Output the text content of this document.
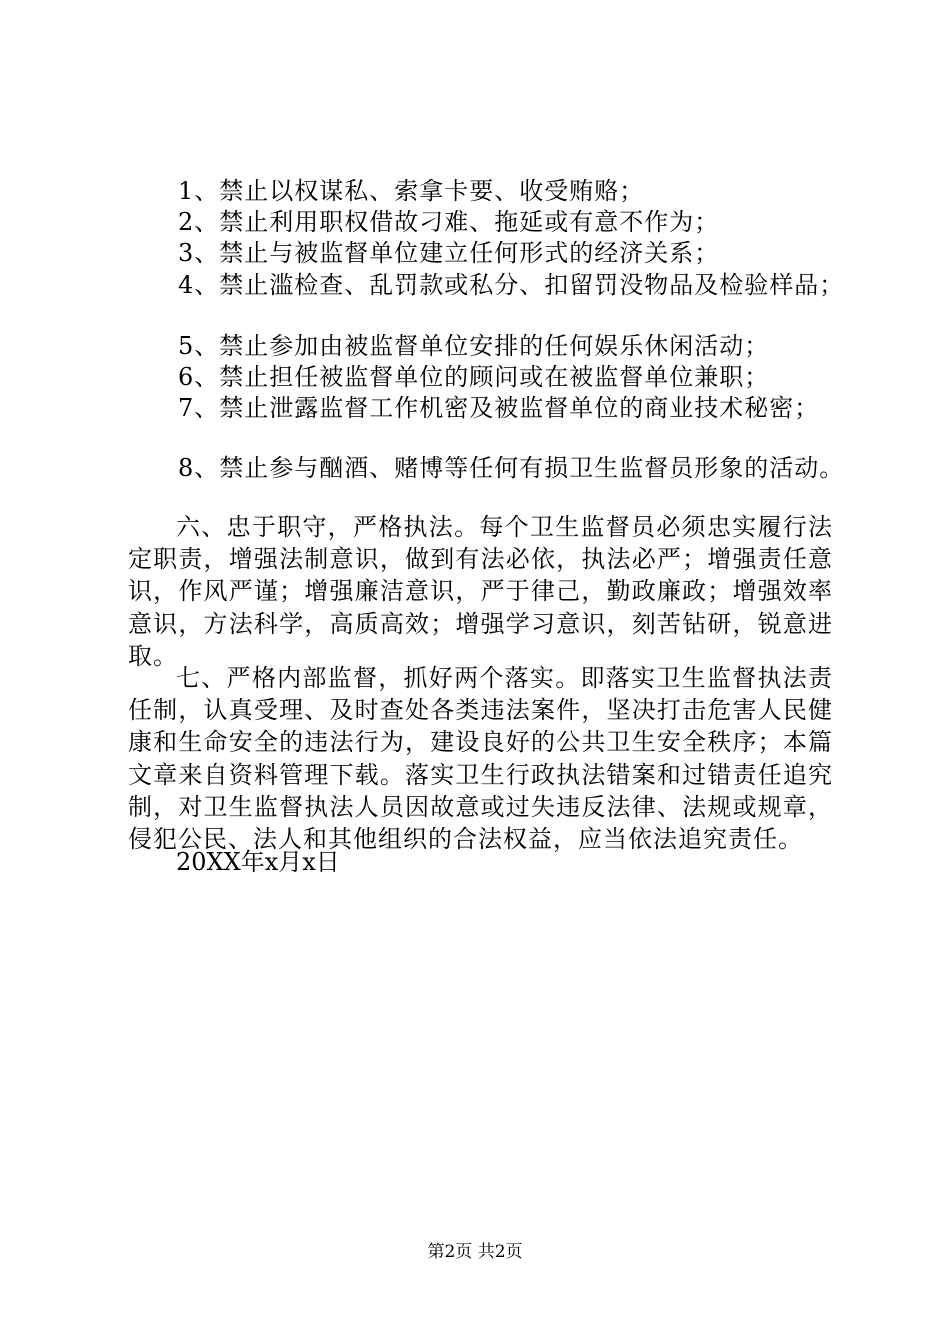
1、禁止以权谋私、索拿卡要、收受贿赂；
2、禁止利用职权借故刁难、拖延或有意不作为；
3、禁止与被监督单位建立任何形式的经济关系；
4、禁止滥检查、乱罚款或私分、扣留罚没物品及检验样品；
5、禁止参加由被监督单位安排的任何娱乐休闲活动；
6、禁止担任被监督单位的顾问或在被监督单位兼职；
7、禁止泄露监督工作机密及被监督单位的商业技术秘密；
8、禁止参与酗酒、赌博等任何有损卫生监督员形象的活动。

六、忠于职守，严格执法。每个卫生监督员必须忠实履行法定职责，增强法制意识，做到有法必依，执法必严；增强责任意识，作风严谨；增强廉洁意识，严于律己，勤政廉政；增强效率意识，方法科学，高质高效；增强学习意识，刻苦钻研，锐意进取。

七、严格内部监督，抓好两个落实。即落实卫生监督执法责任制，认真受理、及时查处各类违法案件，坚决打击危害人民健康和生命安全的违法行为，建设良好的公共卫生安全秩序；本篇文章来自资料管理下载。落实卫生行政执法错案和过错责任追究制，对卫生监督执法人员因故意或过失违反法律、法规或规章，侵犯公民、法人和其他组织的合法权益，应当依法追究责任。

20XX年x月x日
第2页 共2页
